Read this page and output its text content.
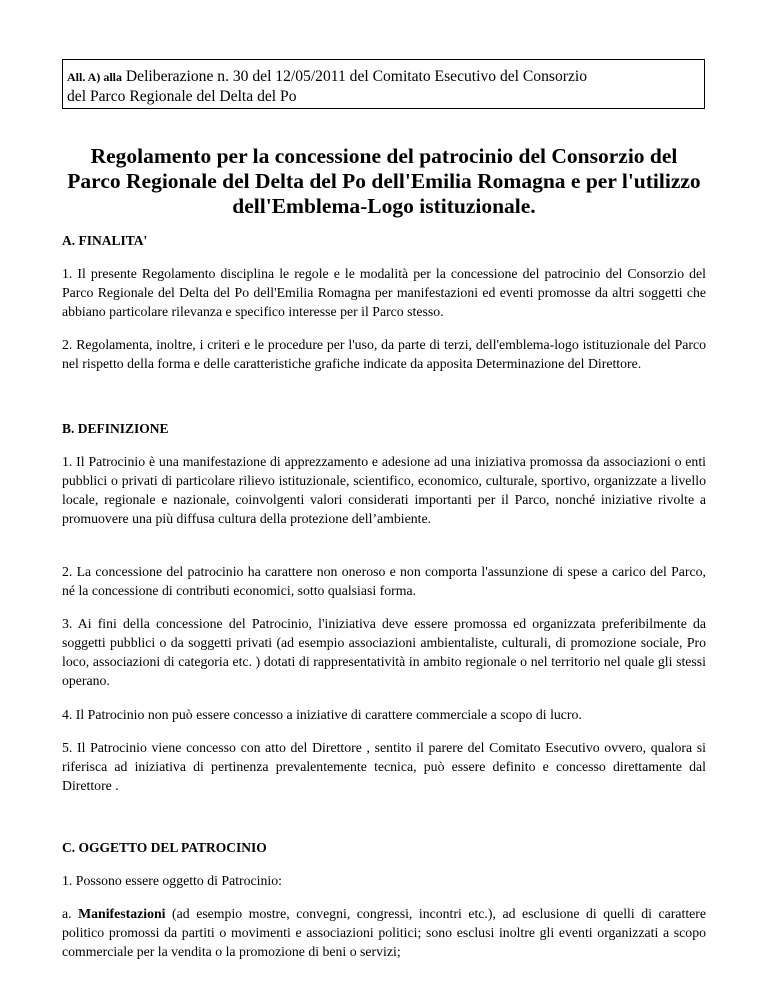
All. A) alla Deliberazione n. 30 del 12/05/2011 del Comitato Esecutivo del Consorzio
del Parco Regionale del Delta del Po
Regolamento per la concessione del patrocinio del Consorzio del Parco Regionale del Delta del Po dell'Emilia Romagna e per l'utilizzo dell'Emblema-Logo istituzionale.

A. FINALITA'

1. Il presente Regolamento disciplina le regole e le modalità per la concessione del patrocinio del Consorzio del Parco Regionale del Delta del Po dell'Emilia Romagna per manifestazioni ed eventi promosse da altri soggetti che abbiano particolare rilevanza e specifico interesse per il Parco stesso.

2. Regolamenta, inoltre, i criteri e le procedure per l'uso, da parte di terzi, dell'emblema-logo istituzionale del Parco nel rispetto della forma e delle caratteristiche grafiche indicate da apposita Determinazione del Direttore.

B. DEFINIZIONE

1. Il Patrocinio è una manifestazione di apprezzamento e adesione ad una iniziativa promossa da associazioni o enti pubblici o privati di particolare rilievo istituzionale, scientifico, economico, culturale, sportivo, organizzate a livello locale, regionale e nazionale, coinvolgenti valori considerati importanti per il Parco, nonché iniziative rivolte a promuovere una più diffusa cultura della protezione dell’ambiente.

2. La concessione del patrocinio ha carattere non oneroso e non comporta l'assunzione di spese a carico del Parco, né la concessione di contributi economici, sotto qualsiasi forma.

3. Ai fini della concessione del Patrocinio, l'iniziativa deve essere promossa ed organizzata preferibilmente da soggetti pubblici o da soggetti privati (ad esempio associazioni ambientaliste, culturali, di promozione sociale, Pro loco, associazioni di categoria etc. ) dotati di rappresentatività in ambito regionale o nel territorio nel quale gli stessi operano.

4. Il Patrocinio non può essere concesso a iniziative di carattere commerciale a scopo di lucro.

5. Il Patrocinio viene concesso con atto del Direttore , sentito il parere del Comitato Esecutivo ovvero, qualora si riferisca ad iniziativa di pertinenza prevalentemente tecnica, può essere definito e concesso direttamente dal Direttore .

C. OGGETTO DEL PATROCINIO

1. Possono essere oggetto di Patrocinio:

a. Manifestazioni (ad esempio mostre, convegni, congressi, incontri etc.), ad esclusione di quelli di carattere politico promossi da partiti o movimenti e associazioni politici; sono esclusi inoltre gli eventi organizzati a scopo commerciale per la vendita o la promozione di beni o servizi;
